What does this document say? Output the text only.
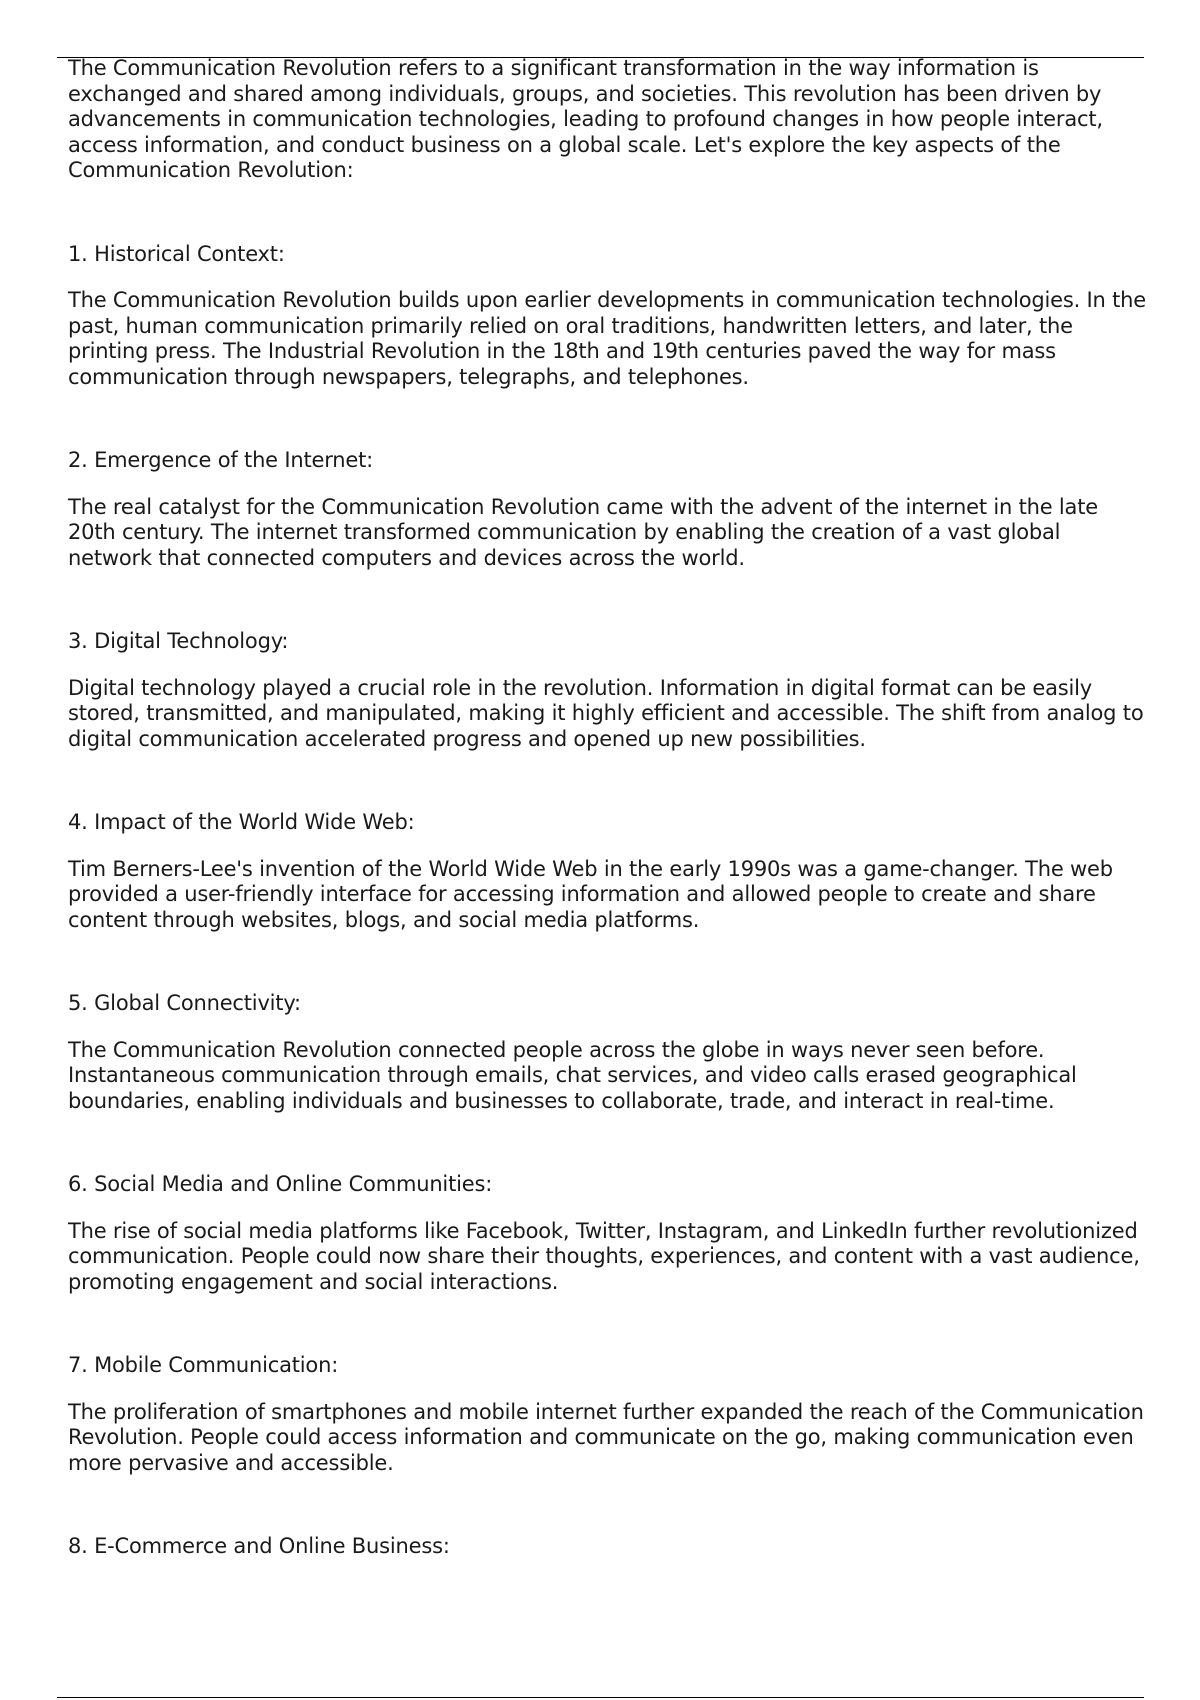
The Communication Revolution refers to a significant transformation in the way information is exchanged and shared among individuals, groups, and societies. This revolution has been driven by advancements in communication technologies, leading to profound changes in how people interact, access information, and conduct business on a global scale. Let's explore the key aspects of the Communication Revolution:

1. Historical Context:

The Communication Revolution builds upon earlier developments in communication technologies. In the past, human communication primarily relied on oral traditions, handwritten letters, and later, the printing press. The Industrial Revolution in the 18th and 19th centuries paved the way for mass communication through newspapers, telegraphs, and telephones.

2. Emergence of the Internet:

The real catalyst for the Communication Revolution came with the advent of the internet in the late 20th century. The internet transformed communication by enabling the creation of a vast global network that connected computers and devices across the world.

3. Digital Technology:

Digital technology played a crucial role in the revolution. Information in digital format can be easily stored, transmitted, and manipulated, making it highly efficient and accessible. The shift from analog to digital communication accelerated progress and opened up new possibilities.

4. Impact of the World Wide Web:

Tim Berners-Lee's invention of the World Wide Web in the early 1990s was a game-changer. The web provided a user-friendly interface for accessing information and allowed people to create and share content through websites, blogs, and social media platforms.

5. Global Connectivity:

The Communication Revolution connected people across the globe in ways never seen before. Instantaneous communication through emails, chat services, and video calls erased geographical boundaries, enabling individuals and businesses to collaborate, trade, and interact in real-time.

6. Social Media and Online Communities:

The rise of social media platforms like Facebook, Twitter, Instagram, and LinkedIn further revolutionized communication. People could now share their thoughts, experiences, and content with a vast audience, promoting engagement and social interactions.

7. Mobile Communication:

The proliferation of smartphones and mobile internet further expanded the reach of the Communication Revolution. People could access information and communicate on the go, making communication even more pervasive and accessible.

8. E-Commerce and Online Business:
